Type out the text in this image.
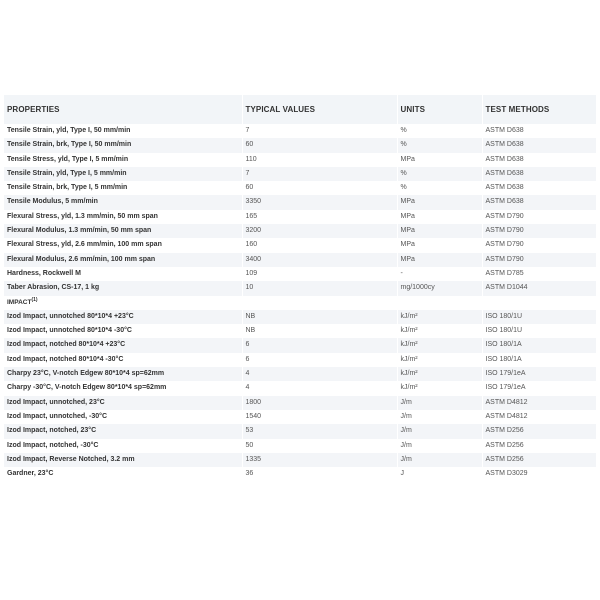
PROPERTIES	TYPICAL VALUES	UNITS	TEST METHODS
Tensile Strain, yld, Type I, 50 mm/min	7	%	ASTM D638
Tensile Strain, brk, Type I, 50 mm/min	60	%	ASTM D638
Tensile Stress, yld, Type I, 5 mm/min	110	MPa	ASTM D638
Tensile Strain, yld, Type I, 5 mm/min	7	%	ASTM D638
Tensile Strain, brk, Type I, 5 mm/min	60	%	ASTM D638
Tensile Modulus, 5 mm/min	3350	MPa	ASTM D638
Flexural Stress, yld, 1.3 mm/min, 50 mm span	165	MPa	ASTM D790
Flexural Modulus, 1.3 mm/min, 50 mm span	3200	MPa	ASTM D790
Flexural Stress, yld, 2.6 mm/min, 100 mm span	160	MPa	ASTM D790
Flexural Modulus, 2.6 mm/min, 100 mm span	3400	MPa	ASTM D790
Hardness, Rockwell M	109	-	ASTM D785
Taber Abrasion, CS-17, 1 kg	10	mg/1000cy	ASTM D1044
IMPACT$^{(1)}$
Izod Impact, unnotched 80*10*4 +23°C	NB	kJ/m²	ISO 180/1U
Izod Impact, unnotched 80*10*4 -30°C	NB	kJ/m²	ISO 180/1U
Izod Impact, notched 80*10*4 +23°C	6	kJ/m²	ISO 180/1A
Izod Impact, notched 80*10*4 -30°C	6	kJ/m²	ISO 180/1A
Charpy 23°C, V-notch Edgew 80*10*4 sp=62mm	4	kJ/m²	ISO 179/1eA
Charpy -30°C, V-notch Edgew 80*10*4 sp=62mm	4	kJ/m²	ISO 179/1eA
Izod Impact, unnotched, 23°C	1800	J/m	ASTM D4812
Izod Impact, unnotched, -30°C	1540	J/m	ASTM D4812
Izod Impact, notched, 23°C	53	J/m	ASTM D256
Izod Impact, notched, -30°C	50	J/m	ASTM D256
Izod Impact, Reverse Notched, 3.2 mm	1335	J/m	ASTM D256
Gardner, 23°C	36	J	ASTM D3029
